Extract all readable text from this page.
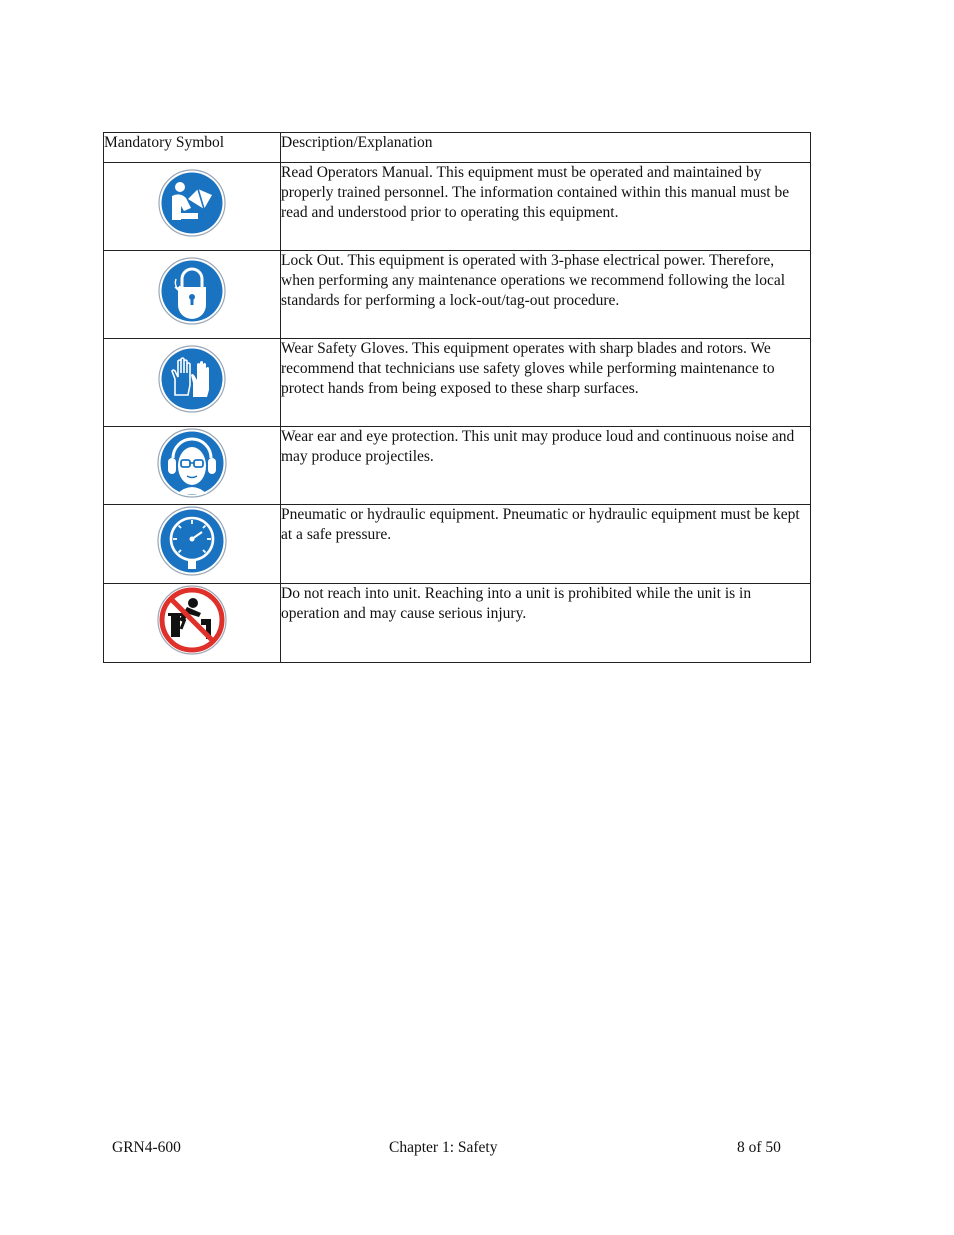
Mandatory Symbol	Description/Explanation

	Read Operators Manual. This equipment must be operated and maintained by properly trained personnel. The information contained within this manual must be read and understood prior to operating this equipment.

	Lock Out. This equipment is operated with 3-phase electrical power. Therefore, when performing any maintenance operations we recommend following the local standards for performing a lock-out/tag-out procedure.

	Wear Safety Gloves. This equipment operates with sharp blades and rotors. We recommend that technicians use safety gloves while performing maintenance to protect hands from being exposed to these sharp surfaces.

	Wear ear and eye protection. This unit may produce loud and continuous noise and may produce projectiles.

	Pneumatic or hydraulic equipment. Pneumatic or hydraulic equipment must be kept at a safe pressure.

	Do not reach into unit. Reaching into a unit is prohibited while the unit is in operation and may cause serious injury.
GRN4-600	Chapter 1: Safety	8 of 50
